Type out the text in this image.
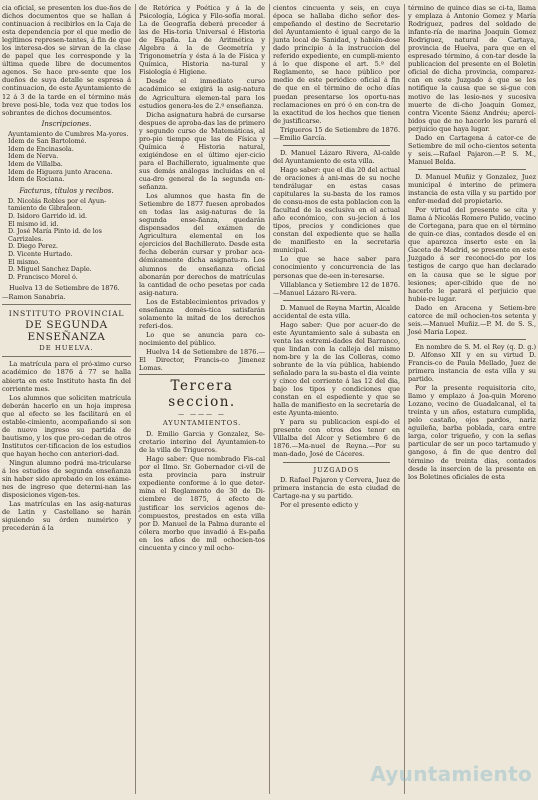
cia oficial, se presenten los due-ños de dichos documentos que se hallan á continuacion á recibirlos en la Caja de esta dependencia por el que medio de legítimos represen-tantes, á fin de que los interesa-dos se sirvan de la clase de papel que les corresponde y la última quede libre de documentos agenos. Se hace pre-sente que los dueños de suya detalle se espresa á continuacion, de este Ayuntamiento de 12 á 3 de la tarde en el término más breve posi-ble, toda vez que todos los sobrantes de dichos documentos.

Inscripciones.

Ayuntamiento de Cumbres Ma-yores.

Idem de San Bartolomé.

Idem de Encinasola.

Idem de Nerva.

Idem de Villalba.

Idem de Higuera junto Aracena.

Idem de Rociana.

Facturas, títulos y recibos.

D. Nicolás Robles por el Ayun-tamiento de Gibraleon.

D. Isidoro Garrido id. id.

El mismo id. id.

D. José María Pinto id. de los Carrizales.

D. Diego Perez.

D. Vicente Hurtado.

El mismo.

D. Miguel Sanchez Daple.

D. Francisco Morel ó.

Huelva 13 de Setiembre de 1876.

—Ramon Sanabria.

INSTITUTO PROVINCIAL
DE SEGUNDA ENSEÑANZA
DE HUELVA.

La matrícula para el pró-ximo curso académico de 1876 á 77 se halla abierta en este Instituto hasta fin del corriente mes.

Los alumnos que soliciten matrícula deberán hacerlo en un hoja impresa que al efecto se les facilitará en el estable-cimiento, acompañando si son de nuevo ingreso su partida de bautismo, y los que pro-cedan de otros Institutos cer-tificacion de los estudios que hayan hecho con anteriori-dad.

Ningun alumno podrá ma-tricularse á los estudios de segunda enseñanza sin haber sido aprobado en los exáme-nes de ingreso que determi-nan las disposiciones vigen-tes.

Las matrículas en las asig-naturas de Latin y Castellano se harán siguiendo su órden numérico y precederán á la

de Retórica y Poética y á la de Psicología, Lógica y Filo-sofía moral. La de Geografía deberá preceder á las de His-toria Universal é Historia de España. La de Aritmética y Algebra á la de Geometría y Trigonometría y ésta á la de Física y Química, Historia na-tural y Fisiología é Higiene.

Desde el inmediato curso académico se exigirá la asig-natura de Agricultura elemen-tal para los estudios genera-les de 2.º enseñanza.

Dicha asignatura habrá de cursarse despues de aproba-das las de primero y segundo curso de Matemáticas, al pro-pio tiempo que las de Física y Química é Historia natural, exigiéndose en el último ejer-cicio para el Bachillerato, igualmente que sus demás análogas incluidas en el cua-dro general de la segunda en-señanza.

Los alumnos que hasta fin de Setiembre de 1877 fuesen aprobados en todas las asig-naturas de la segunda ense-ñanza, quedarán dispensados del exámen de Agricultura elemental en los ejercicios del Bachillerato. Desde esta fecha deberán cursar y probar aca-démicamente dicha asignatu-ra. Los alumnos de enseñanza oficial abonarán por derechos de matrículas la cantidad de ocho pesetas por cada asig-natura.

Los de Establecimientos privados y enseñanza domés-tica satisfarán solamente la mitad de los derechos referi-dos.

Lo que se anuncia para co-nocimiento del público.

Huelva 14 de Setiembre de 1876.—El Director, Francis-co Jimenez Lomas.

Tercera seccion.
— ——— —
AYUNTAMIENTOS.

D. Emilio Garcia y Gonzalez, Se-cretario interino del Ayuntamien-to de la villa de Trigueros.

Hago saber: Que nombrado Fis-cal por el Ilmo. Sr. Gobernador ci-vil de esta provincia para instruir expediente conforme á lo que deter-mina el Reglamento de 30 de Di-ciembre de 1875, á efecto de justificar los servicios agenos de-compuestos, prestados en esta villa por D. Manuel de la Palma durante el cólera morbo que invadió á Es-paña en los años de mil ochocien-tos cincuenta y cinco y mil ocho-

cientos cincuenta y seis, en cuya época se hallaba dicho señor des-empeñando el destino de Secretario del Ayuntamiento é igual cargo de la junta local de Sanidad, y habién-dose dado principio á la instruccion del referido expediente, en cumpli-miento á lo que dispone el art. 5.º del Reglamento, se hace público por medio de este periódico oficial á fin de que en el término de ocho días puedan presentarse los oportu-nas reclamaciones en pró ó en con-tra de la exactitud de los hechos que tienen de justificarse.

Trigueros 15 de Setiembre de 1876.—Emilio García.

D. Manuel Lázaro Rivera, Al-calde del Ayuntamiento de esta villa.

Hago saber: que el dia 20 del actual de oraciones á ani-mas de su noche tendrálugar en estas casas capitulares la su-basta de los ramos de consu-mos de esta poblacion con la facultad de la esclusiva en el actual año económico, con su-jecion á los tipos, precios y condiciones que constan del expediente que se halla de manifiesto en la secretaria municipal.

Lo que se hace saber para conocimiento y concurrencia de las personas que de-een in-teresarse.

Villablanca y Setiembre 12 de 1876.—Manuel Lázaro Ri-vera.

D. Manuel de Reyna Martin, Alcalde accidental de esta villa.

Hago saber: Que por acuer-do de este Ayuntamiento sale á subasta en venta las estremi-dades del Barranco, que lindan con la calleja del mismo nom-bre y la de las Colleras, como sobrante de la vía pública, habiendo señalado para la su-basta el dia veinte y cinco del corriente á las 12 del dia, bajo los tipos y condiciones que constan en el espediente y que se halla de manifiesto en la secretaría de este Ayunta-miento.

Y para su publicacion espi-do el presente con otros dos tenor en Villalba del Alcor y Setiembre 6 de 1876.—Ma-nuel de Reyna.—Por su man-dado, José de Cáceres.

JUZGADOS

D. Rafael Pajaron y Cervera, Juez de primera instancia de esta ciudad de Cartage-na y su partido.

Por el presente edicto y

término de quince dias se ci-ta, llama y emplaza á Antonio Gomez y María Rodriguez, padres del soldado de infante-ría de marina Joaquin Gomez Rodriguez, natural de Cartaya, provincia de Huelva, para que en el espresado término, á con-tar desde la publicacion del presente en el Boletin oficial de dicha provincia, comparez-can en este Juzgado á que se les notifique la causa que se si-gue con motivo de las lesio-nes y sucesiva muerte de di-cho Joaquin Gomez, contra Vicente Sáenz Andréu; aperci-bidos que de no hacerlo les parará el perjuicio que haya lugar.

Dado en Cartagena á cator-ce de Setiembre de mil ocho-cientos setenta y seis.—Rafael Pajaron.—P. S. M., Manuel Belda.

D. Manuel Muñiz y Gonzalez, Juez municipal é interino de primera instancia de esta villa y su partido por enfer-medad del propietario.

Por virtud del presente se cita y llama á Nicolás Romero Pulido, vecino de Cortegana, para que en el término de quin-ce dias, contados desde el en que aparezca inserto este en la Gaceta de Madrid, se presente en este Juzgado á ser reconoci-do por los testigos de cargo que han declarado en la causa que se le sigue por lesiones; aper-cibido que de no hacerlo le parará el perjuicio que hubie-re lugar.

Dado en Aracena y Setiem-bre catorce de mil ochocien-tos setenta y seis.—Manuel Muñiz.—P. M. de S. S., José Maria Lopez.

En nombre de S. M. el Rey (q. D. g.) D. Alfonso XII y en su virtud D. Francis-co de Paula Mellado, Juez de primera instancia de esta villa y su partido.

Por la presente requisitoria cito, llamo y emplazo á Joa-quin Moreno Lozano, vecino de Guadalcanal, el ta treinta y un años, estatura cumplida, pelo castaño, ojos pardos, nariz aguileña, barba poblada, cara entre larga, color trigueño, y con la señas particular de ser un poco tartamudo y gangoso, á fin de que dentro del término de treinta dias, contados desde la insercion de la presente en los Boletines oficiales de esta

Ayuntamiento
